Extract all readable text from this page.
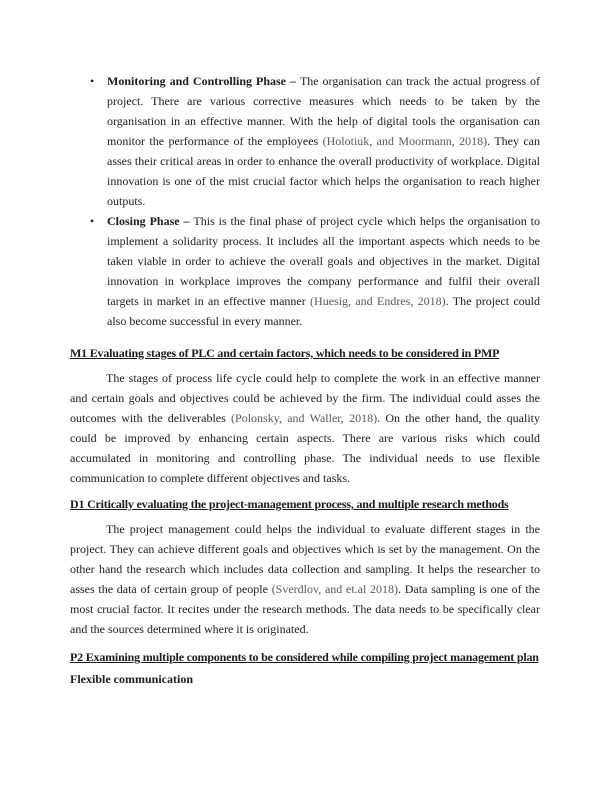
• Monitoring and Controlling Phase – The organisation can track the actual progress of project. There are various corrective measures which needs to be taken by the organisation in an effective manner. With the help of digital tools the organisation can monitor the performance of the employees (Holotiuk, and Moormann, 2018). They can asses their critical areas in order to enhance the overall productivity of workplace. Digital innovation is one of the mist crucial factor which helps the organisation to reach higher outputs.
• Closing Phase – This is the final phase of project cycle which helps the organisation to implement a solidarity process. It includes all the important aspects which needs to be taken viable in order to achieve the overall goals and objectives in the market. Digital innovation in workplace improves the company performance and fulfil their overall targets in market in an effective manner (Huesig, and Endres, 2018). The project could also become successful in every manner.
M1 Evaluating stages of PLC and certain factors, which needs to be considered in PMP

The stages of process life cycle could help to complete the work in an effective manner and certain goals and objectives could be achieved by the firm. The individual could asses the outcomes with the deliverables (Polonsky, and Waller, 2018). On the other hand, the quality could be improved by enhancing certain aspects. There are various risks which could accumulated in monitoring and controlling phase. The individual needs to use flexible communication to complete different objectives and tasks.

D1 Critically evaluating the project-management process, and multiple research methods

The project management could helps the individual to evaluate different stages in the project. They can achieve different goals and objectives which is set by the management. On the other hand the research which includes data collection and sampling. It helps the researcher to asses the data of certain group of people (Sverdlov, and et.al 2018). Data sampling is one of the most crucial factor. It recites under the research methods. The data needs to be specifically clear and the sources determined where it is originated.

P2 Examining multiple components to be considered while compiling project management plan
Flexible communication
